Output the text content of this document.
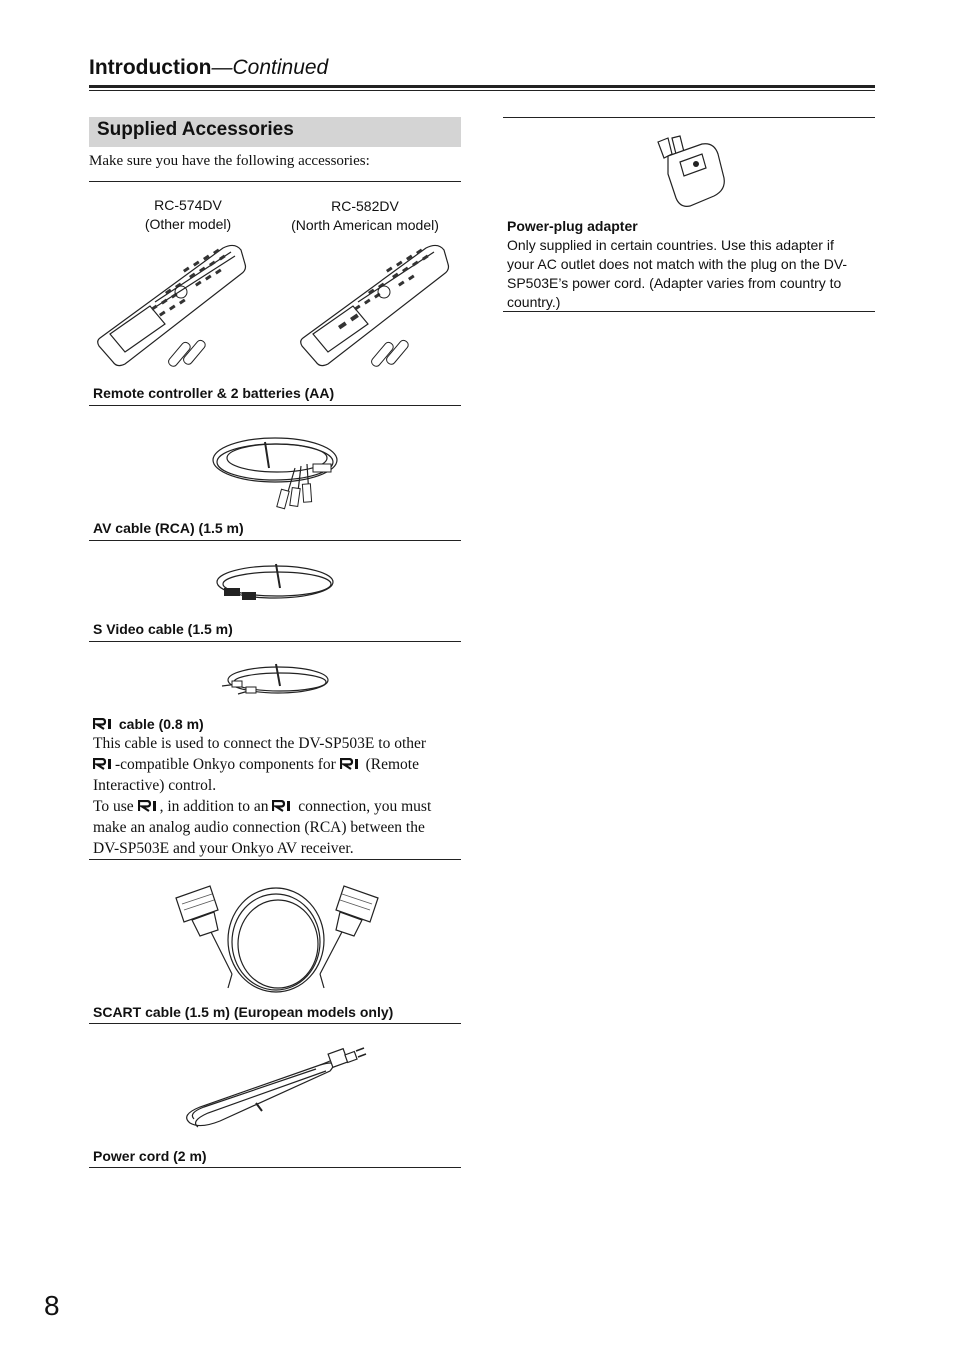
Introduction—Continued
Supplied Accessories
Make sure you have the following accessories:
RC-574DV
(Other model)
RC-582DV
(North American model)
Remote controller & 2 batteries (AA)
AV cable (RCA) (1.5 m)
S Video cable (1.5 m)
cable (0.8 m)
This cable is used to connect the DV-SP503E to other
-compatible Onkyo components for  (Remote
Interactive) control.
To use , in addition to an  connection, you must
make an analog audio connection (RCA) between the
DV-SP503E and your Onkyo AV receiver.
SCART cable (1.5 m) (European models only)
Power cord (2 m)
Power-plug adapter
Only supplied in certain countries. Use this adapter if
your AC outlet does not match with the plug on the DV-
SP503E’s power cord. (Adapter varies from country to
country.)
8
